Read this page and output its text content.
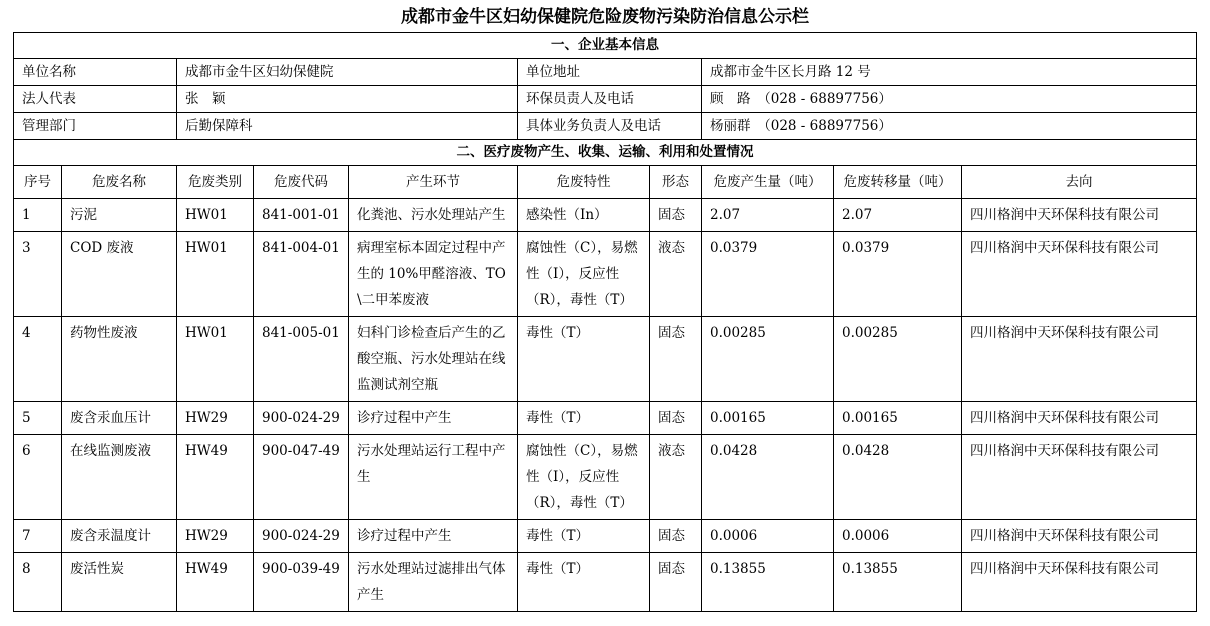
成都市金牛区妇幼保健院危险废物污染防治信息公示栏
一、企业基本信息									
单位名称		成都市金牛区妇幼保健院			单位地址		成都市金牛区长月路 12 号		
法人代表		张　颖			环保员责人及电话		顾　路　（028 - 68897756）		
管理部门		后勤保障科			具体业务负责人及电话		杨丽群　（028 - 68897756）		
二、医疗废物产生、收集、运输、利用和处置情况									
序号	危废名称	危废类别	危废代码	产生环节	危废特性	形态	危废产生量（吨）	危废转移量（吨）	去向
1	污泥	HW01	841-001-01	化粪池、污水处理站产生	感染性（In）	固态	2.07	2.07	四川格润中天环保科技有限公司
3	COD 废液	HW01	841-004-01	病理室标本固定过程中产生的 10%甲醛溶液、TO\二甲苯废液	腐蚀性（C），易燃性（I），反应性（R），毒性（T）	液态	0.0379	0.0379	四川格润中天环保科技有限公司
4	药物性废液	HW01	841-005-01	妇科门诊检查后产生的乙酸空瓶、污水处理站在线监测试剂空瓶	毒性（T）	固态	0.00285	0.00285	四川格润中天环保科技有限公司
5	废含汞血压计	HW29	900-024-29	诊疗过程中产生	毒性（T）	固态	0.00165	0.00165	四川格润中天环保科技有限公司
6	在线监测废液	HW49	900-047-49	污水处理站运行工程中产生	腐蚀性（C），易燃性（I），反应性（R），毒性（T）	液态	0.0428	0.0428	四川格润中天环保科技有限公司
7	废含汞温度计	HW29	900-024-29	诊疗过程中产生	毒性（T）	固态	0.0006	0.0006	四川格润中天环保科技有限公司
8	废活性炭	HW49	900-039-49	污水处理站过滤排出气体产生	毒性（T）	固态	0.13855	0.13855	四川格润中天环保科技有限公司
